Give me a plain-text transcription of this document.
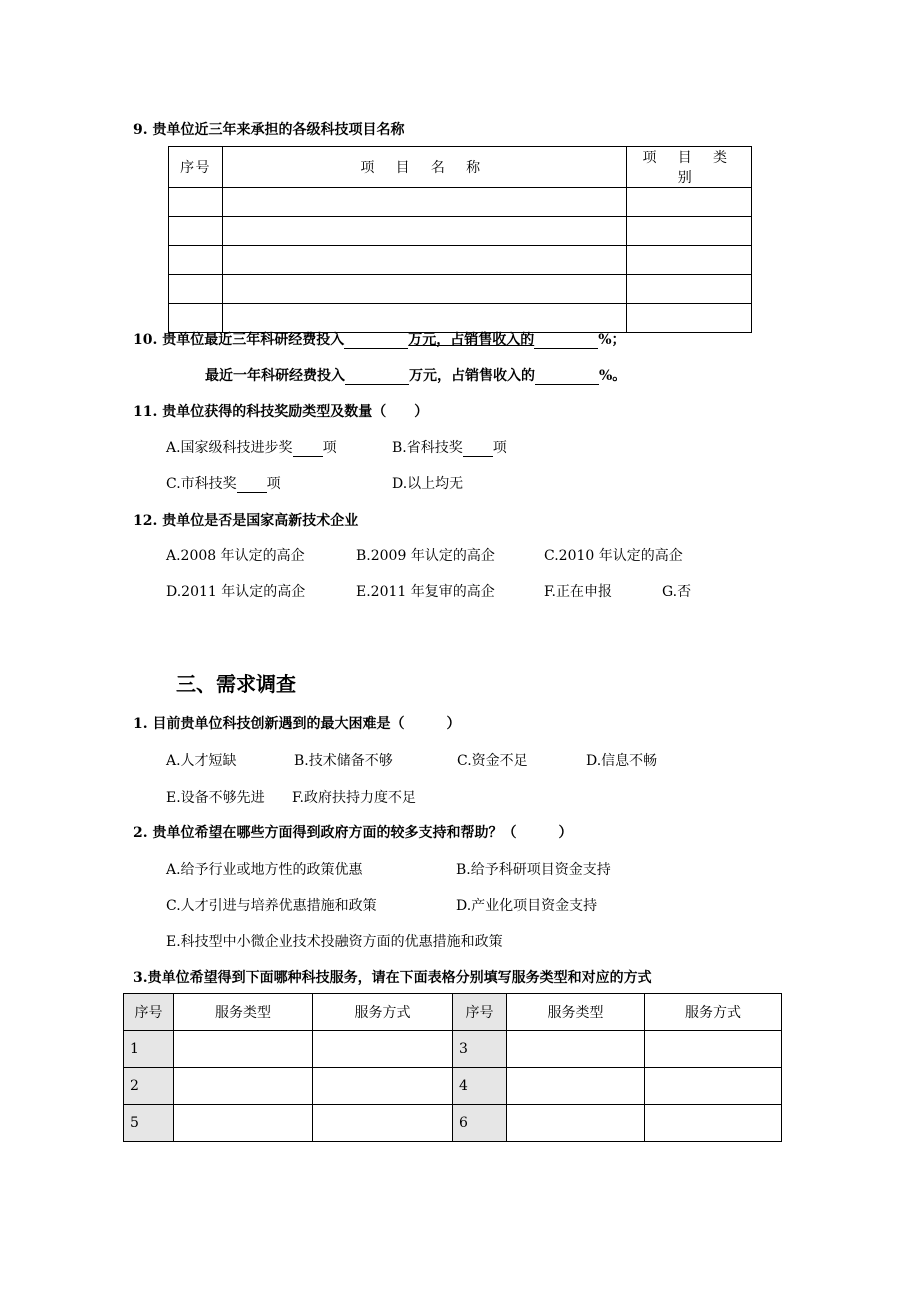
9. 贵单位近三年来承担的各级科技项目名称
序号	项 目 名 称	项 目 类 别

10. 贵单位最近三年科研经费投入	万元，占销售收入的	%；
最近一年科研经费投入	万元，占销售收入的	%。
11. 贵单位获得的科技奖励类型及数量（　　）
A.国家级科技进步奖 项	B.省科技奖 项
C.市科技奖 项	D.以上均无
12. 贵单位是否是国家高新技术企业
A.2008 年认定的高企	B.2009 年认定的高企	C.2010 年认定的高企
D.2011 年认定的高企	E.2011 年复审的高企	F.正在申报	G.否
三、需求调查
1. 目前贵单位科技创新遇到的最大困难是（　　　）
A.人才短缺	B.技术储备不够	C.资金不足	D.信息不畅
E.设备不够先进 F.政府扶持力度不足
2. 贵单位希望在哪些方面得到政府方面的较多支持和帮助？（　　　）
A.给予行业或地方性的政策优惠	B.给予科研项目资金支持
C.人才引进与培养优惠措施和政策	D.产业化项目资金支持
E.科技型中小微企业技术投融资方面的优惠措施和政策
3.贵单位希望得到下面哪种科技服务，请在下面表格分别填写服务类型和对应的方式
序号	服务类型	服务方式	序号	服务类型	服务方式
1			3		
2			4		
5			6		
